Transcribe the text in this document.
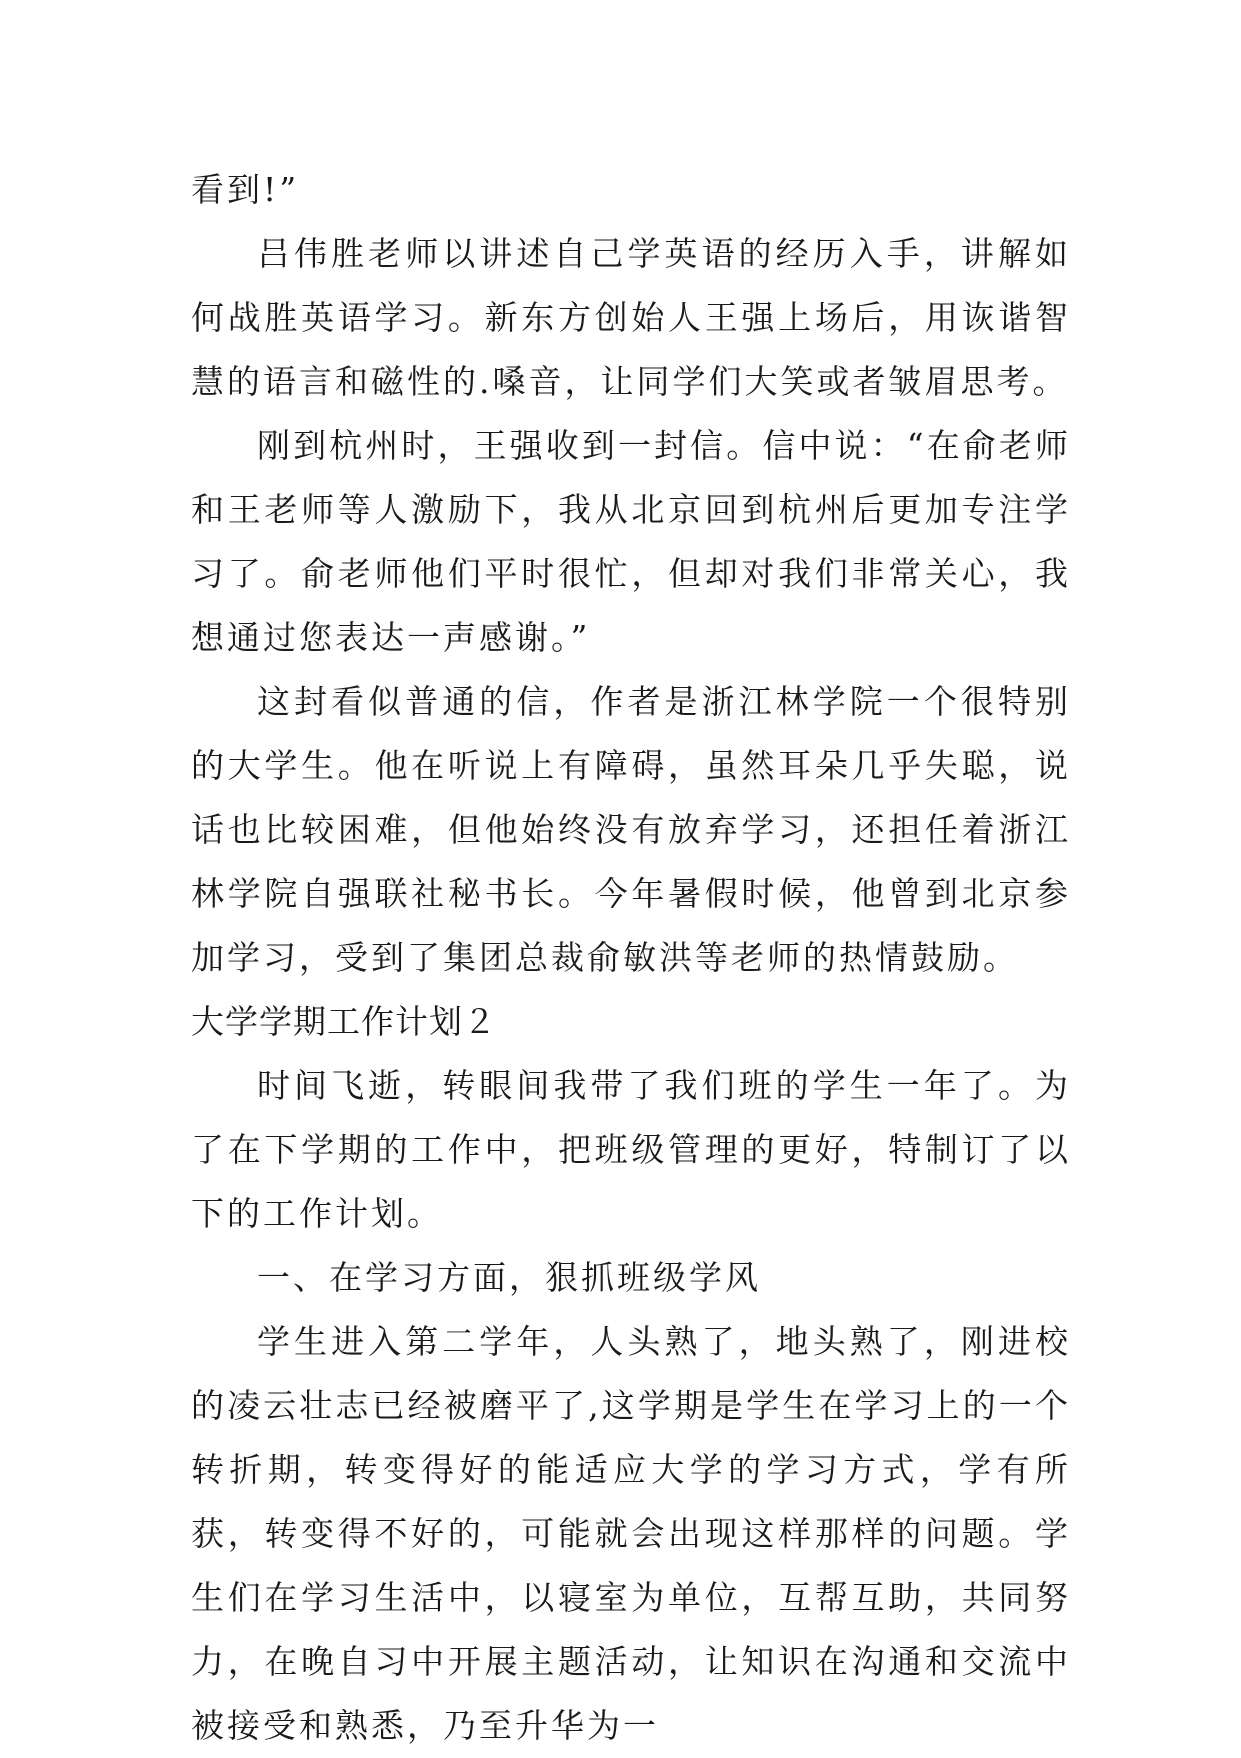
看到!”

吕伟胜老师以讲述自己学英语的经历入手，讲解如何战胜英语学习。新东方创始人王强上场后，用诙谐智慧的语言和磁性的.嗓音，让同学们大笑或者皱眉思考。

刚到杭州时，王强收到一封信。信中说：“在俞老师和王老师等人激励下，我从北京回到杭州后更加专注学习了。俞老师他们平时很忙，但却对我们非常关心，我想通过您表达一声感谢。”

这封看似普通的信，作者是浙江林学院一个很特别的大学生。他在听说上有障碍，虽然耳朵几乎失聪，说话也比较困难，但他始终没有放弃学习，还担任着浙江林学院自强联社秘书长。今年暑假时候，他曾到北京参加学习，受到了集团总裁俞敏洪等老师的热情鼓励。

大学学期工作计划２

时间飞逝，转眼间我带了我们班的学生一年了。为了在下学期的工作中，把班级管理的更好，特制订了以下的工作计划。

一、在学习方面，狠抓班级学风

学生进入第二学年，人头熟了，地头熟了，刚进校的凌云壮志已经被磨平了,这学期是学生在学习上的一个转折期，转变得好的能适应大学的学习方式，学有所获，转变得不好的，可能就会出现这样那样的问题。学生们在学习生活中，以寝室为单位，互帮互助，共同努力，在晚自习中开展主题活动，让知识在沟通和交流中被接受和熟悉，乃至升华为一
